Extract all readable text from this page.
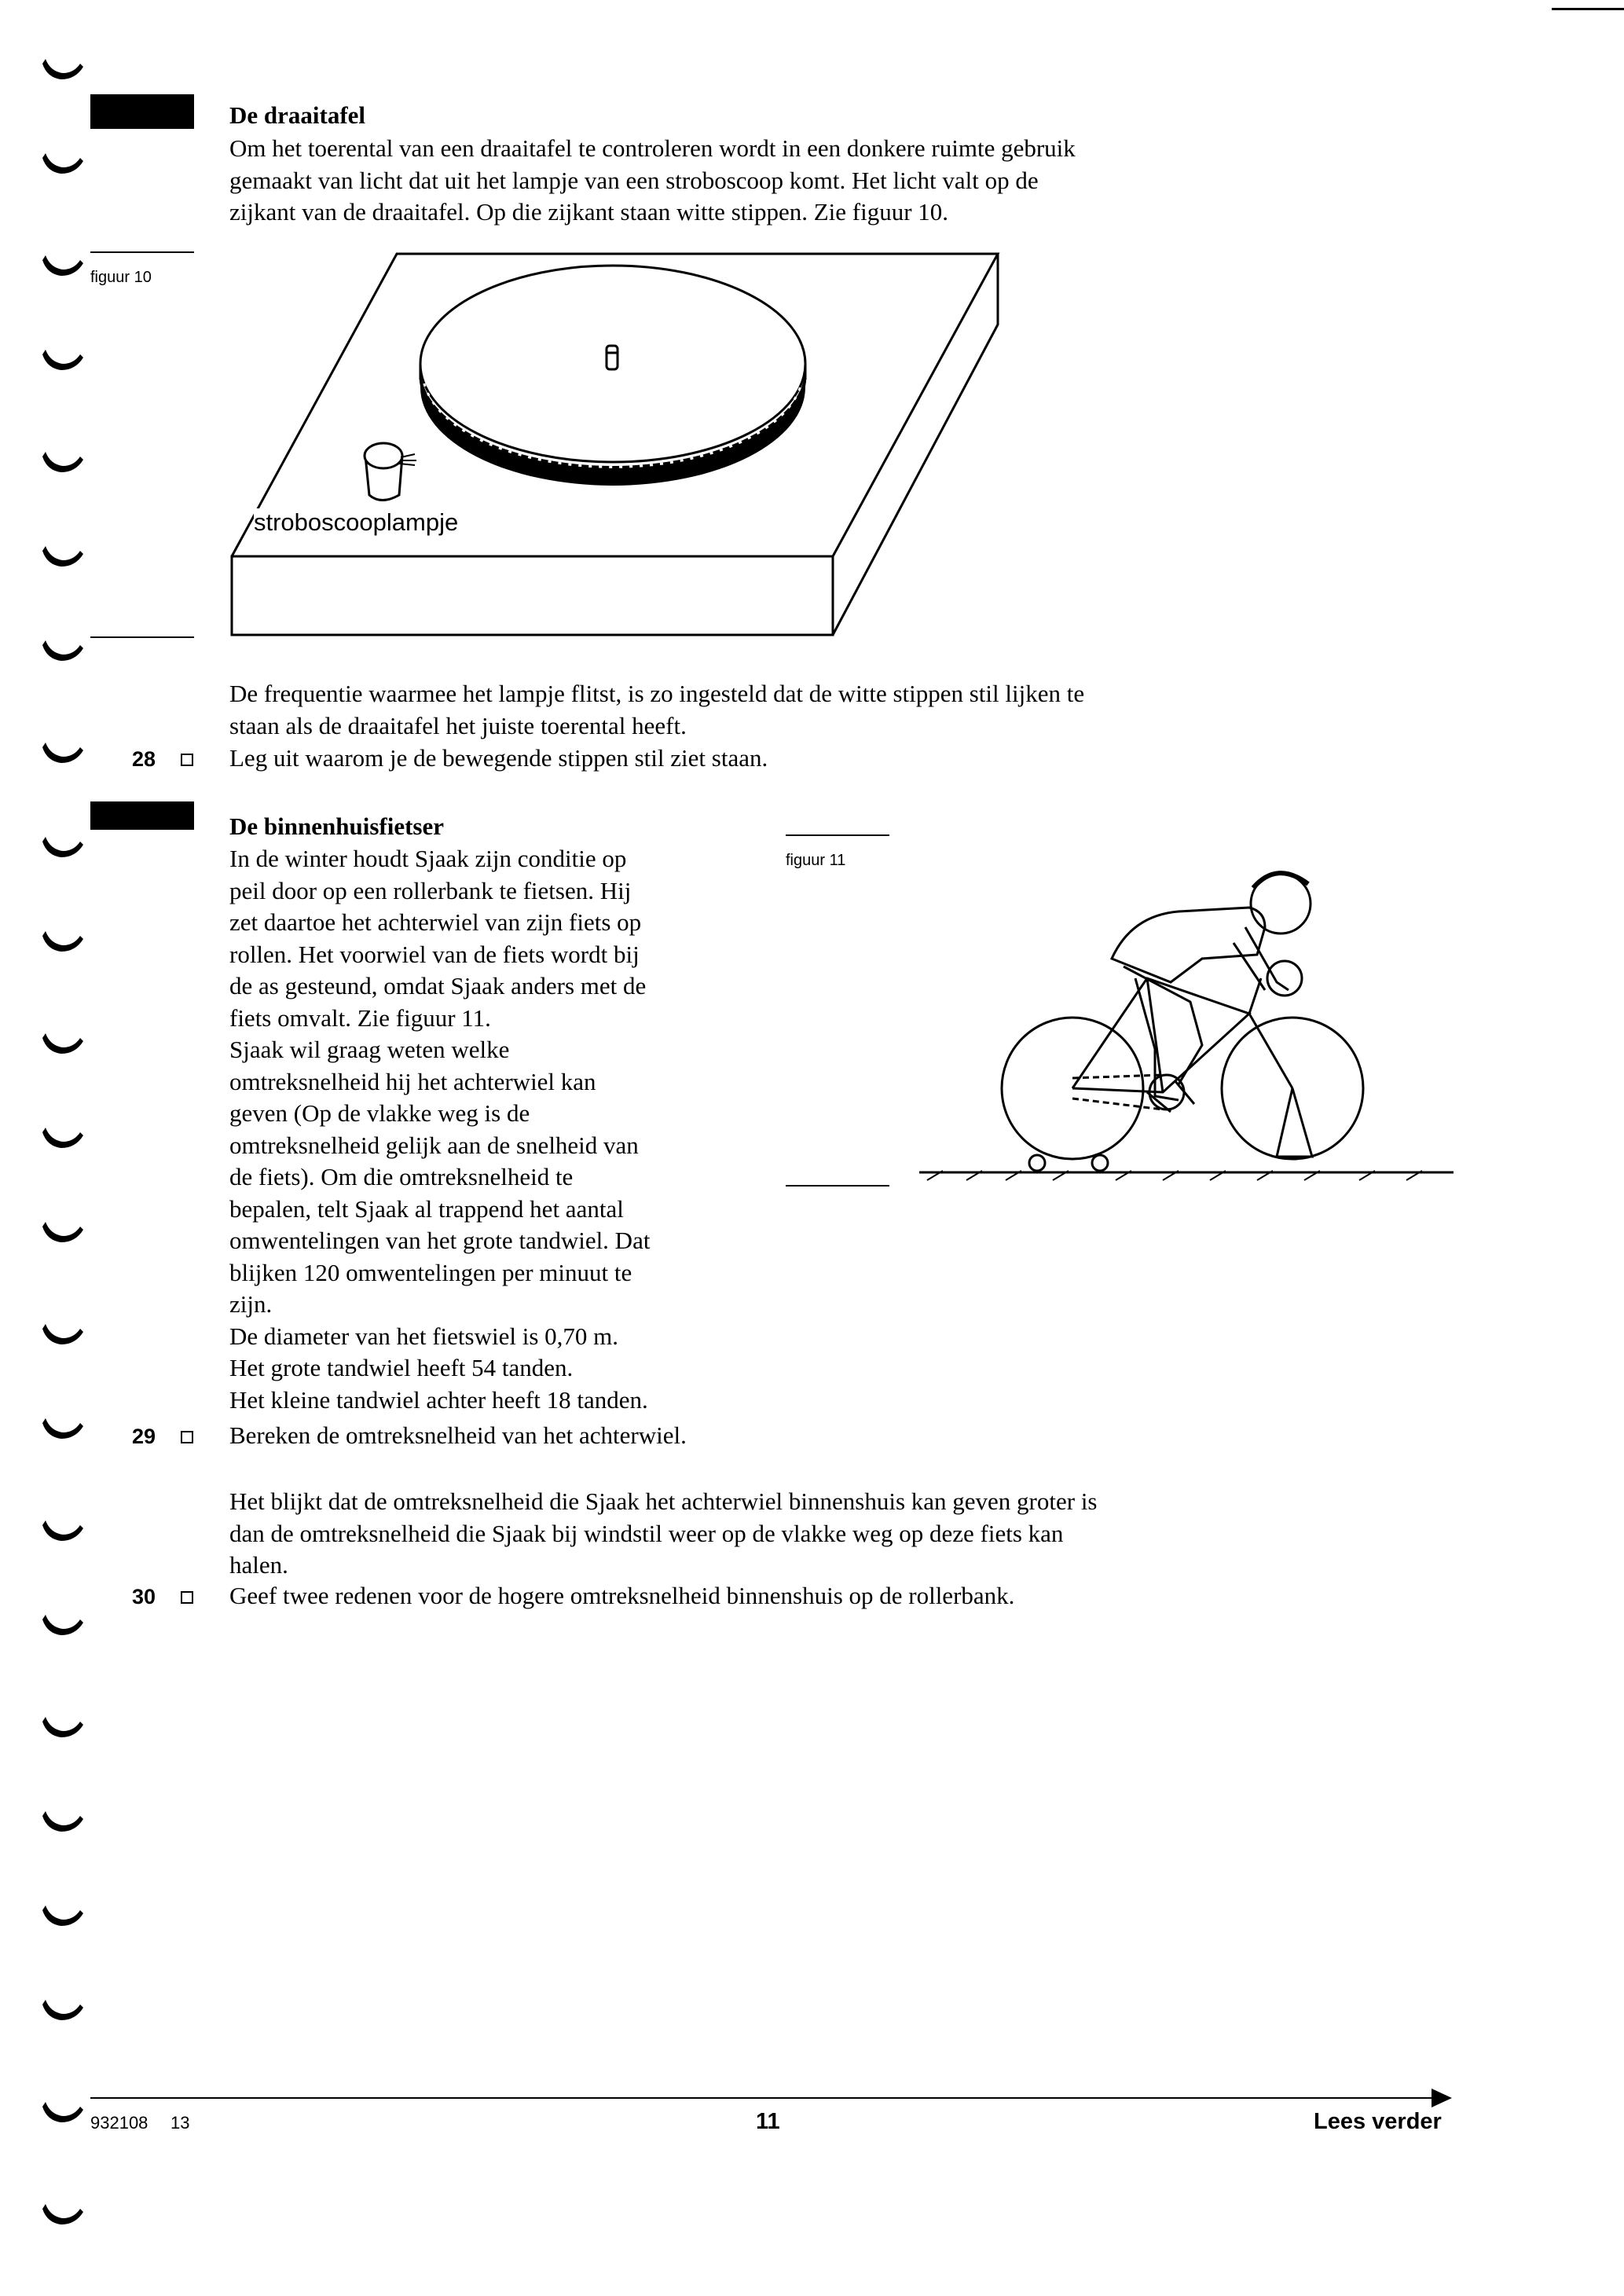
De draaitafel
Om het toerental van een draaitafel te controleren wordt in een donkere ruimte gebruik
gemaakt van licht dat uit het lampje van een stroboscoop komt. Het licht valt op de
zijkant van de draaitafel. Op die zijkant staan witte stippen. Zie figuur 10.
figuur 10
stroboscooplampje
De frequentie waarmee het lampje flitst, is zo ingesteld dat de witte stippen stil lijken te
staan als de draaitafel het juiste toerental heeft.
28	Leg uit waarom je de bewegende stippen stil ziet staan.
De binnenhuisfietser
figuur 11
In de winter houdt Sjaak zijn conditie op
peil door op een rollerbank te fietsen. Hij
zet daartoe het achterwiel van zijn fiets op
rollen. Het voorwiel van de fiets wordt bij
de as gesteund, omdat Sjaak anders met de
fiets omvalt. Zie figuur 11.
Sjaak wil graag weten welke
omtreksnelheid hij het achterwiel kan
geven (Op de vlakke weg is de
omtreksnelheid gelijk aan de snelheid van
de fiets). Om die omtreksnelheid te
bepalen, telt Sjaak al trappend het aantal
omwentelingen van het grote tandwiel. Dat
blijken 120 omwentelingen per minuut te
zijn.
De diameter van het fietswiel is 0,70 m.
Het grote tandwiel heeft 54 tanden.
Het kleine tandwiel achter heeft 18 tanden.
29	Bereken de omtreksnelheid van het achterwiel.
Het blijkt dat de omtreksnelheid die Sjaak het achterwiel binnenshuis kan geven groter is
dan de omtreksnelheid die Sjaak bij windstil weer op de vlakke weg op deze fiets kan
halen.
30	Geef twee redenen voor de hogere omtreksnelheid binnenshuis op de rollerbank.
932108 13	11	Lees verder
